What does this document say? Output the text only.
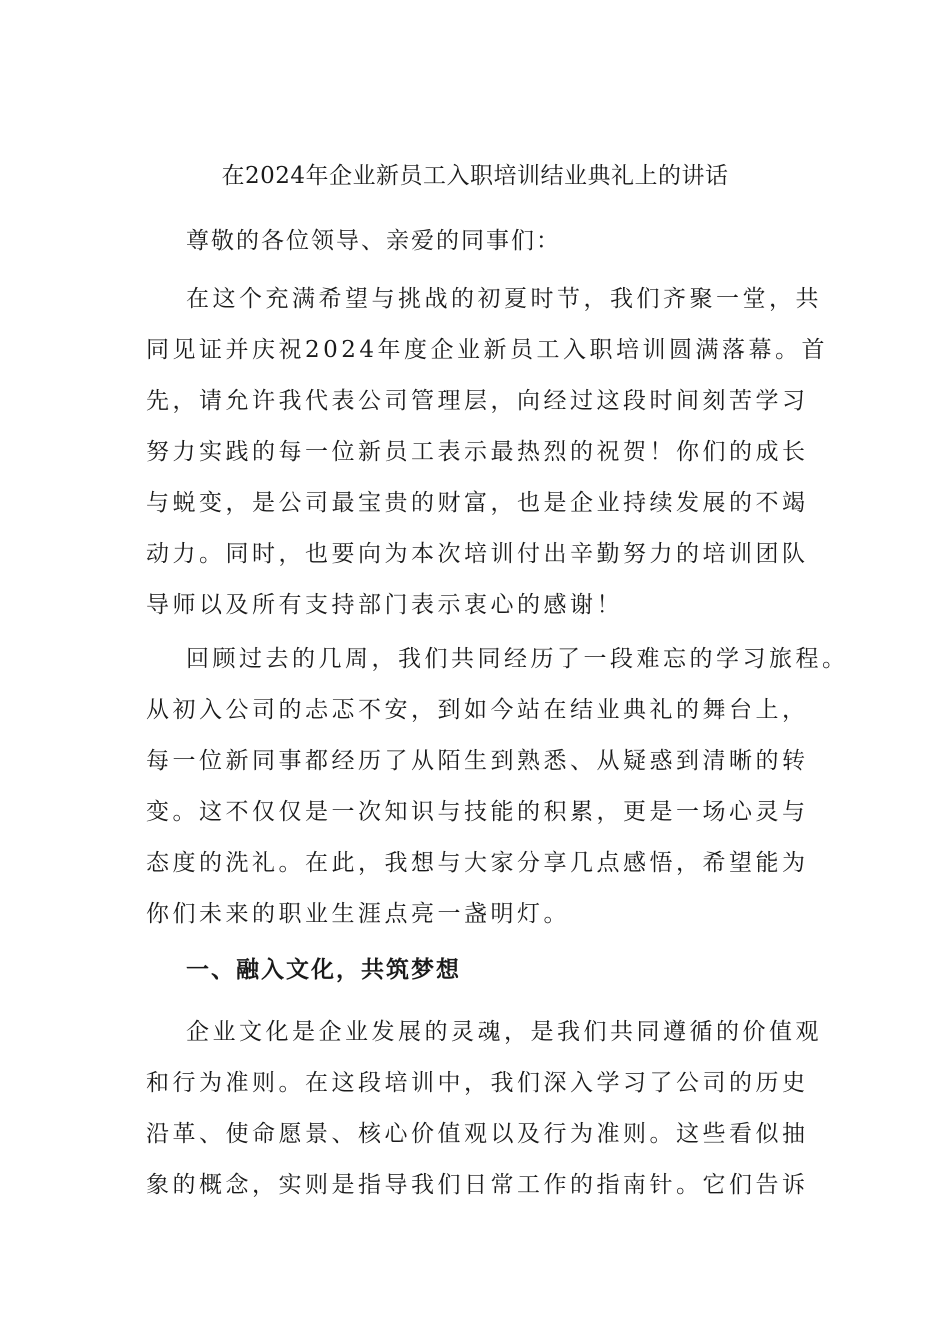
在2024年企业新员工入职培训结业典礼上的讲话
尊敬的各位领导、亲爱的同事们：
在这个充满希望与挑战的初夏时节，我们齐聚一堂，共
同见证并庆祝2024年度企业新员工入职培训圆满落幕。首
先，请允许我代表公司管理层，向经过这段时间刻苦学习
努力实践的每一位新员工表示最热烈的祝贺！你们的成长
与蜕变，是公司最宝贵的财富，也是企业持续发展的不竭
动力。同时，也要向为本次培训付出辛勤努力的培训团队
导师以及所有支持部门表示衷心的感谢！
回顾过去的几周，我们共同经历了一段难忘的学习旅程。
从初入公司的忐忑不安，到如今站在结业典礼的舞台上，
每一位新同事都经历了从陌生到熟悉、从疑惑到清晰的转
变。这不仅仅是一次知识与技能的积累，更是一场心灵与
态度的洗礼。在此，我想与大家分享几点感悟，希望能为
你们未来的职业生涯点亮一盏明灯。
一、融入文化，共筑梦想
企业文化是企业发展的灵魂，是我们共同遵循的价值观
和行为准则。在这段培训中，我们深入学习了公司的历史
沿革、使命愿景、核心价值观以及行为准则。这些看似抽
象的概念，实则是指导我们日常工作的指南针。它们告诉
